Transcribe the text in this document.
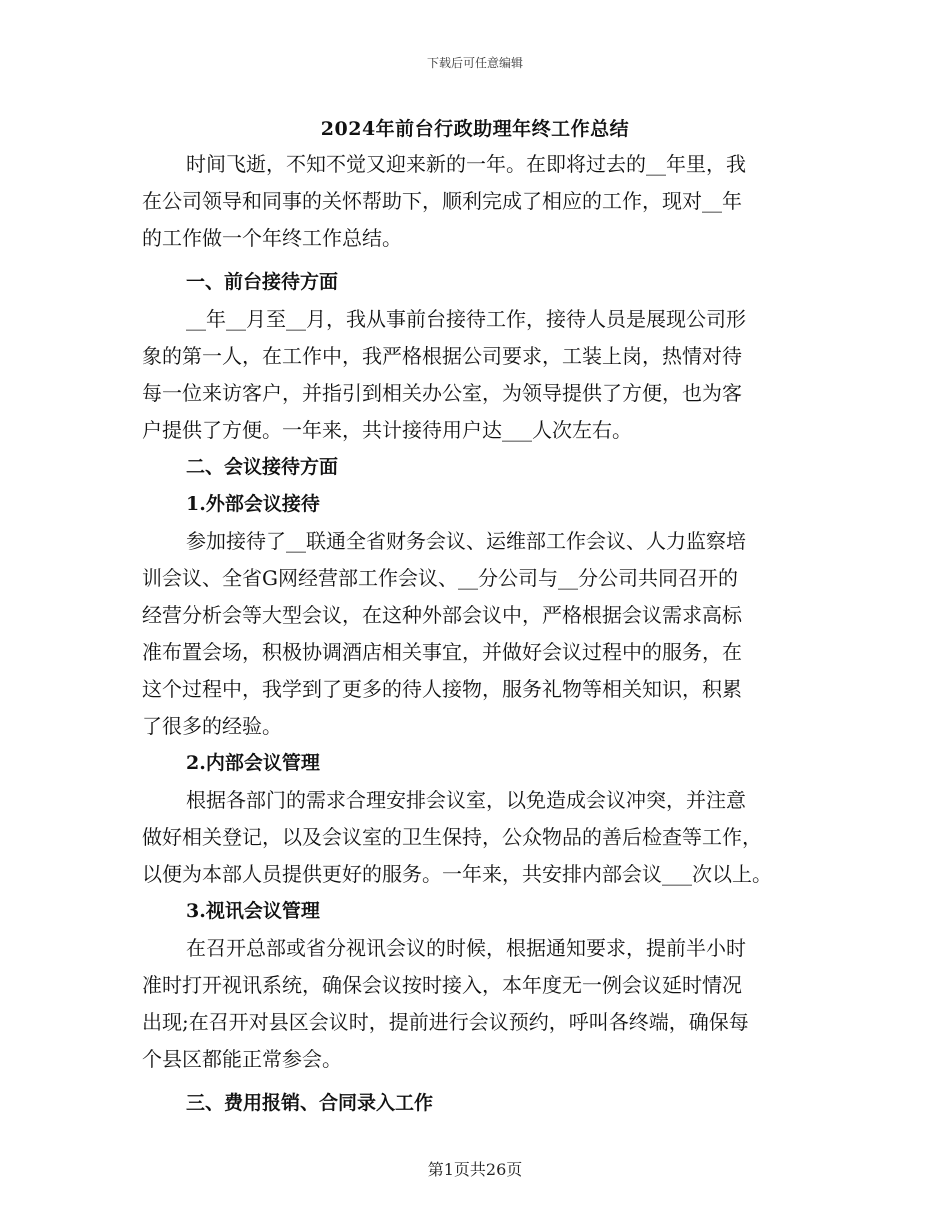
下载后可任意编辑
2024年前台行政助理年终工作总结
时间飞逝，不知不觉又迎来新的一年。在即将过去的__年里，我
在公司领导和同事的关怀帮助下，顺利完成了相应的工作，现对__年
的工作做一个年终工作总结。
一、前台接待方面
__年__月至__月，我从事前台接待工作，接待人员是展现公司形
象的第一人，在工作中，我严格根据公司要求，工装上岗，热情对待
每一位来访客户，并指引到相关办公室，为领导提供了方便，也为客
户提供了方便。一年来，共计接待用户达___人次左右。
二、会议接待方面
1.外部会议接待
参加接待了__联通全省财务会议、运维部工作会议、人力监察培
训会议、全省G网经营部工作会议、__分公司与__分公司共同召开的
经营分析会等大型会议，在这种外部会议中，严格根据会议需求高标
准布置会场，积极协调酒店相关事宜，并做好会议过程中的服务，在
这个过程中，我学到了更多的待人接物，服务礼物等相关知识，积累
了很多的经验。
2.内部会议管理
根据各部门的需求合理安排会议室，以免造成会议冲突，并注意
做好相关登记，以及会议室的卫生保持，公众物品的善后检查等工作，
以便为本部人员提供更好的服务。一年来，共安排内部会议___次以上。
3.视讯会议管理
在召开总部或省分视讯会议的时候，根据通知要求，提前半小时
准时打开视讯系统，确保会议按时接入，本年度无一例会议延时情况
出现;在召开对县区会议时，提前进行会议预约，呼叫各终端，确保每
个县区都能正常参会。
三、费用报销、合同录入工作
第1页共26页
